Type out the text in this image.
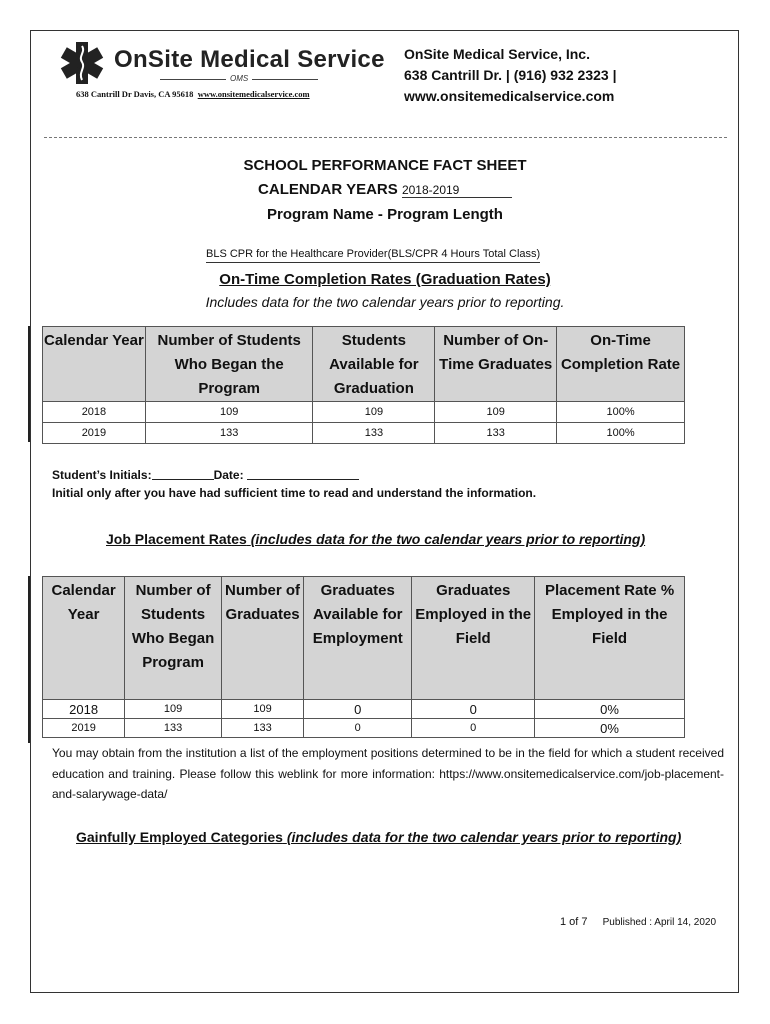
OnSite Medical Service
OMS
638 Cantrill Dr Davis, CA 95618 www.onsitemedicalservice.com
OnSite Medical Service, Inc.
638 Cantrill Dr. | (916) 932 2323 |
www.onsitemedicalservice.com
SCHOOL PERFORMANCE FACT SHEET
CALENDAR YEARS 2018-2019
Program Name - Program Length
BLS CPR for the Healthcare Provider(BLS/CPR 4 Hours Total Class)
On-Time Completion Rates (Graduation Rates)
Includes data for the two calendar years prior to reporting.
Calendar Year	Number of Students Who Began the Program	Students Available for Graduation	Number of On-Time Graduates	On-Time Completion Rate
2018	109	109	109	100%
2019	133	133	133	100%
Student’s Initials:	Date:
Initial only after you have had sufficient time to read and understand the information.
Job Placement Rates (includes data for the two calendar years prior to reporting)
Calendar Year	Number of Students Who Began Program	Number of Graduates	Graduates Available for Employment	Graduates Employed in the Field	Placement Rate % Employed in the Field
2018	109	109	0	0	0%
2019	133	133	0	0	0%
You may obtain from the institution a list of the employment positions determined to be in the field for which a student received education and training. Please follow this weblink for more information: https://www.onsitemedicalservice.com/job-placement-and-salarywage-data/
Gainfully Employed Categories (includes data for the two calendar years prior to reporting)
1 of 7 Published : April 14, 2020
